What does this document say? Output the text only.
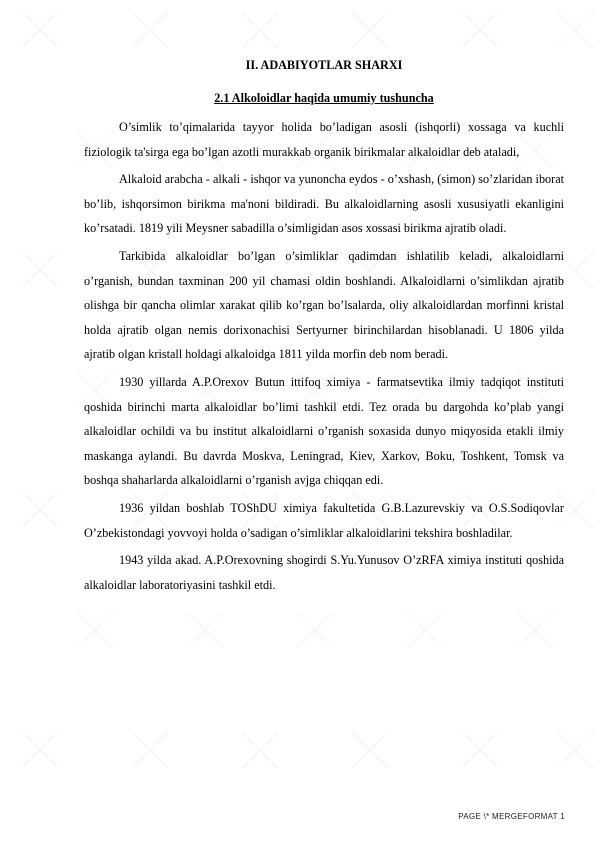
II. ADABIYOTLAR SHARXI
2.1 Alkoloidlar haqida umumiy tushuncha

O’simlik to’qimalarida tayyor holida bo’ladigan asosli (ishqorli) xossaga va kuchli fiziologik ta'sirga ega bo’lgan azotli murakkab organik birikmalar alkaloidlar deb ataladi,

Alkaloid arabcha - alkali - ishqor va yunoncha eydos - o’xshash, (simon) so’zlaridan iborat bo’lib, ishqorsimon birikma ma'noni bildiradi. Bu alkaloidlarning asosli xususiyatli ekanligini ko’rsatadi. 1819 yili Meysner sabadilla o’simligidan asos xossasi birikma ajratib oladi.

Tarkibida alkaloidlar bo’lgan o’simliklar qadimdan ishlatilib keladi, alkaloidlarni o’rganish, bundan taxminan 200 yil chamasi oldin boshlandi. Alkaloidlarni o’simlikdan ajratib olishga bir qancha olimlar xarakat qilib ko’rgan bo’lsalarda, oliy alkaloidlardan morfinni kristal holda ajratib olgan nemis dorixonachisi Sertyurner birinchilardan hisoblanadi. U 1806 yilda ajratib olgan kristall holdagi alkaloidga 1811 yilda morfin deb nom beradi.

1930 yillarda A.P.Orexov Butun ittifoq ximiya - farmatsevtika ilmiy tadqiqot instituti qoshida birinchi marta alkaloidlar bo’limi tashkil etdi. Tez orada bu dargohda ko’plab yangi alkaloidlar ochildi va bu institut alkaloidlarni o’rganish soxasida dunyo miqyosida etakli ilmiy maskanga aylandi. Bu davrda Moskva, Leningrad, Kiev, Xarkov, Boku, Toshkent, Tomsk va boshqa shaharlarda alkaloidlarni o’rganish avjga chiqqan edi.

1936 yildan boshlab TOShDU ximiya fakultetida G.B.Lazurevskiy va O.S.Sodiqovlar O’zbekistondagi yovvoyi holda o’sadigan o’simliklar alkaloidlarini tekshira boshladilar.

1943 yilda akad. A.P.Orexovning shogirdi S.Yu.Yunusov O’zRFA ximiya instituti qoshida alkaloidlar laboratoriyasini tashkil etdi.

PAGE \* MERGEFORMAT 1
